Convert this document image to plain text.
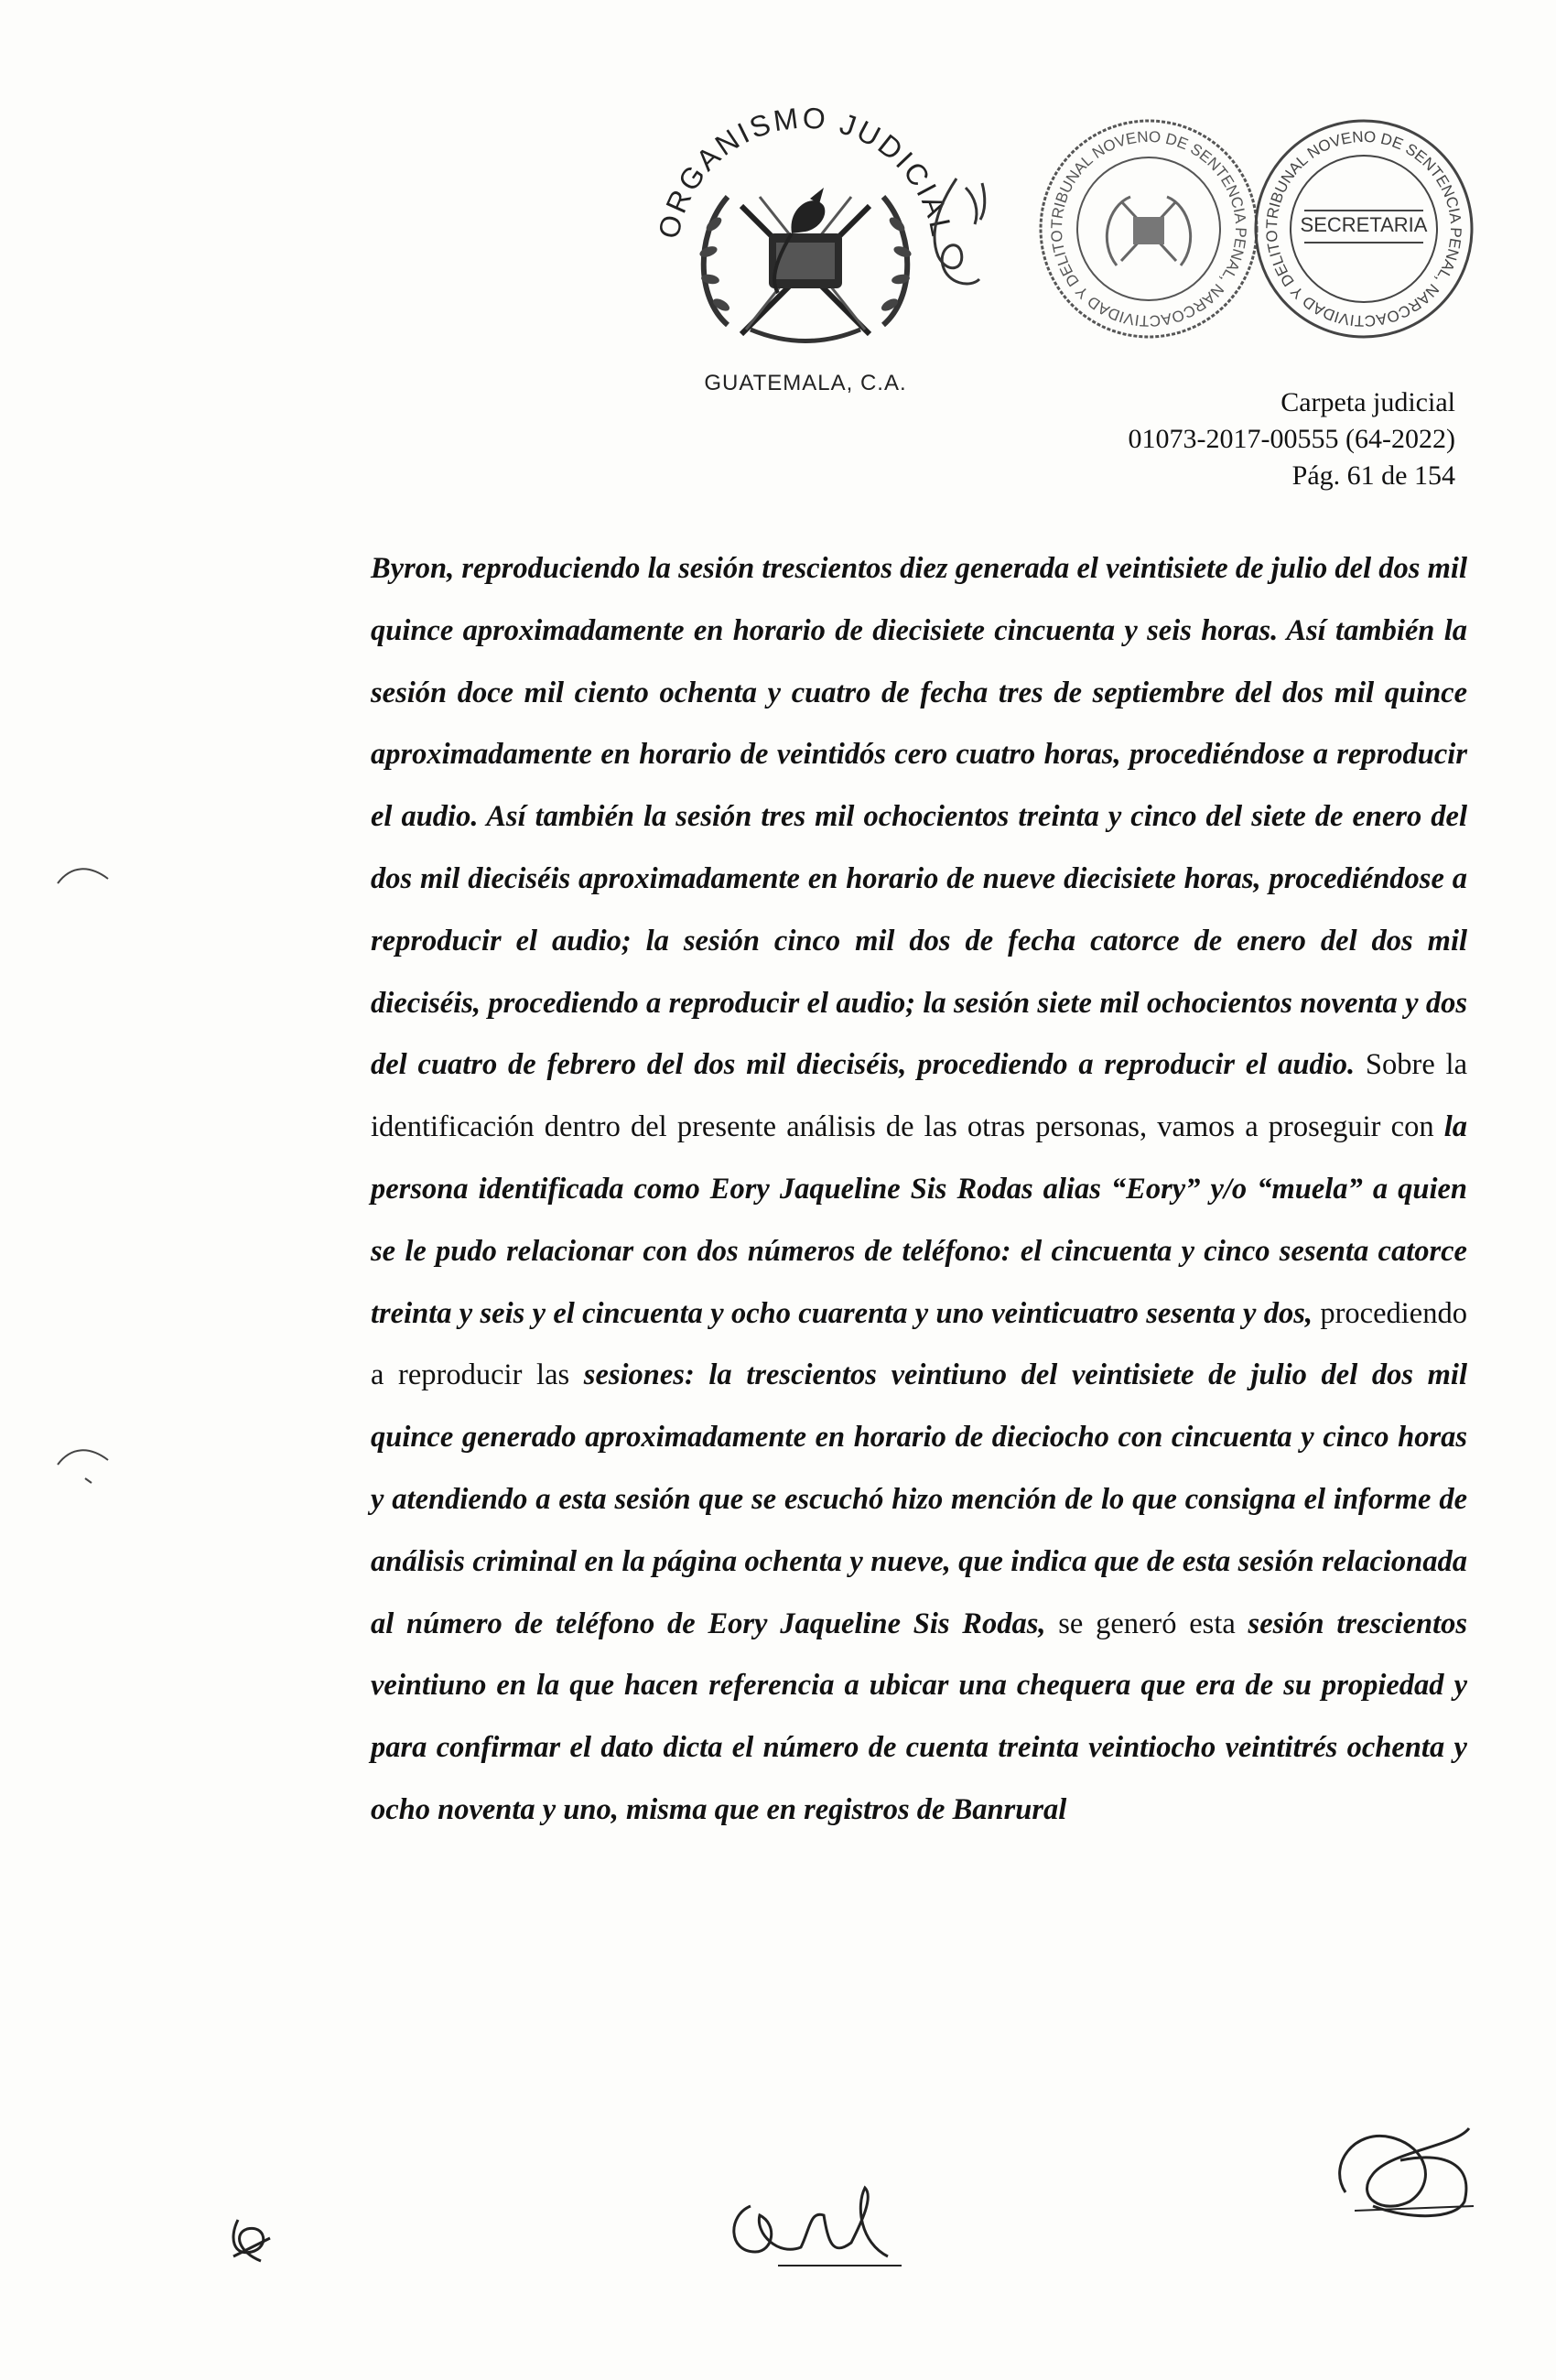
ORGANISMO JUDICIAL
GUATEMALA, C.A.
TRIBUNAL NOVENO DE SENTENCIA PENAL, NARCOACTIVIDAD Y DELITO
TRIBUNAL NOVENO DE SENTENCIA PENAL, NARCOACTIVIDAD Y DELITO SECRETARIA
Carpeta judicial
01073-2017-00555 (64-2022)
Pág. 61 de 154

Byron, reproduciendo la sesión trescientos diez generada el veintisiete de julio del dos mil quince aproximadamente en horario de diecisiete cincuenta y seis horas. Así también la sesión doce mil ciento ochenta y cuatro de fecha tres de septiembre del dos mil quince aproximadamente en horario de veintidós cero cuatro horas, procediéndose a reproducir el audio. Así también la sesión tres mil ochocientos treinta y cinco del siete de enero del dos mil dieciséis aproximadamente en horario de nueve diecisiete horas, procediéndose a reproducir el audio; la sesión cinco mil dos de fecha catorce de enero del dos mil dieciséis, procediendo a reproducir el audio; la sesión siete mil ochocientos noventa y dos del cuatro de febrero del dos mil dieciséis, procediendo a reproducir el audio. Sobre la identificación dentro del presente análisis de las otras personas, vamos a proseguir con la persona identificada como Eory Jaqueline Sis Rodas alias “Eory” y/o “muela” a quien se le pudo relacionar con dos números de teléfono: el cincuenta y cinco sesenta catorce treinta y seis y el cincuenta y ocho cuarenta y uno veinticuatro sesenta y dos, procediendo a reproducir las sesiones: la trescientos veintiuno del veintisiete de julio del dos mil quince generado aproximadamente en horario de dieciocho con cincuenta y cinco horas y atendiendo a esta sesión que se escuchó hizo mención de lo que consigna el informe de análisis criminal en la página ochenta y nueve, que indica que de esta sesión relacionada al número de teléfono de Eory Jaqueline Sis Rodas, se generó esta sesión trescientos veintiuno en la que hacen referencia a ubicar una chequera que era de su propiedad y para confirmar el dato dicta el número de cuenta treinta veintiocho veintitrés ochenta y ocho noventa y uno, misma que en registros de Banrural
